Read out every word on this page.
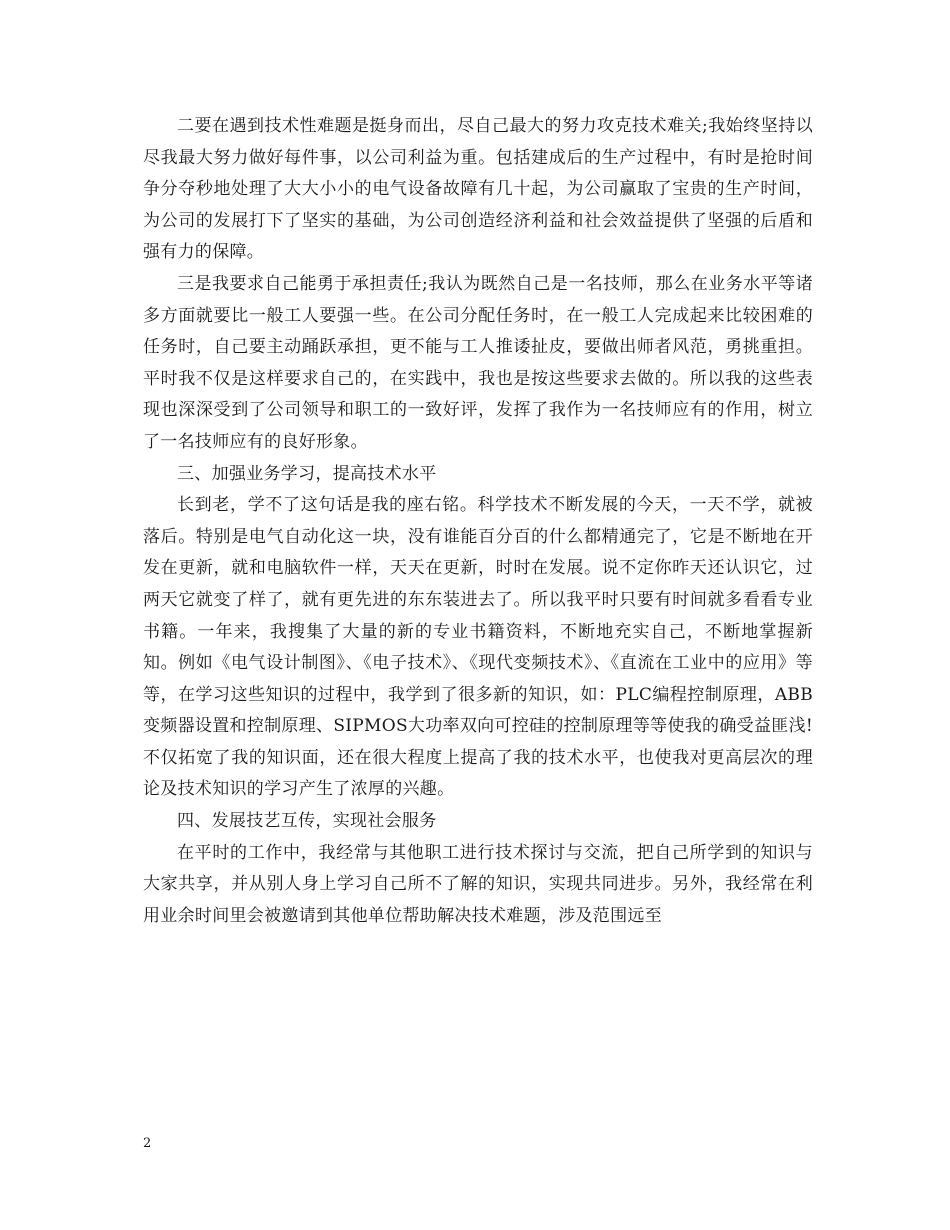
二要在遇到技术性难题是挺身而出，尽自己最大的努力攻克技术难关;我始终坚持以尽我最大努力做好每件事，以公司利益为重。包括建成后的生产过程中，有时是抢时间争分夺秒地处理了大大小小的电气设备故障有几十起，为公司赢取了宝贵的生产时间，为公司的发展打下了坚实的基础，为公司创造经济利益和社会效益提供了坚强的后盾和强有力的保障。

三是我要求自己能勇于承担责任;我认为既然自己是一名技师，那么在业务水平等诸多方面就要比一般工人要强一些。在公司分配任务时，在一般工人完成起来比较困难的任务时，自己要主动踊跃承担，更不能与工人推诿扯皮，要做出师者风范，勇挑重担。平时我不仅是这样要求自己的，在实践中，我也是按这些要求去做的。所以我的这些表现也深深受到了公司领导和职工的一致好评，发挥了我作为一名技师应有的作用，树立了一名技师应有的良好形象。

三、加强业务学习，提高技术水平

长到老，学不了这句话是我的座右铭。科学技术不断发展的今天，一天不学，就被落后。特别是电气自动化这一块，没有谁能百分百的什么都精通完了，它是不断地在开发在更新，就和电脑软件一样，天天在更新，时时在发展。说不定你昨天还认识它，过两天它就变了样了，就有更先进的东东装进去了。所以我平时只要有时间就多看看专业书籍。一年来，我搜集了大量的新的专业书籍资料，不断地充实自己，不断地掌握新知。例如《电气设计制图》、《电子技术》、《现代变频技术》、《直流在工业中的应用》等等，在学习这些知识的过程中，我学到了很多新的知识，如：PLC编程控制原理，ABB变频器设置和控制原理、SIPMOS大功率双向可控硅的控制原理等等使我的确受益匪浅!不仅拓宽了我的知识面，还在很大程度上提高了我的技术水平，也使我对更高层次的理论及技术知识的学习产生了浓厚的兴趣。

四、发展技艺互传，实现社会服务

在平时的工作中，我经常与其他职工进行技术探讨与交流，把自己所学到的知识与大家共享，并从别人身上学习自己所不了解的知识，实现共同进步。另外，我经常在利用业余时间里会被邀请到其他单位帮助解决技术难题，涉及范围远至

2
